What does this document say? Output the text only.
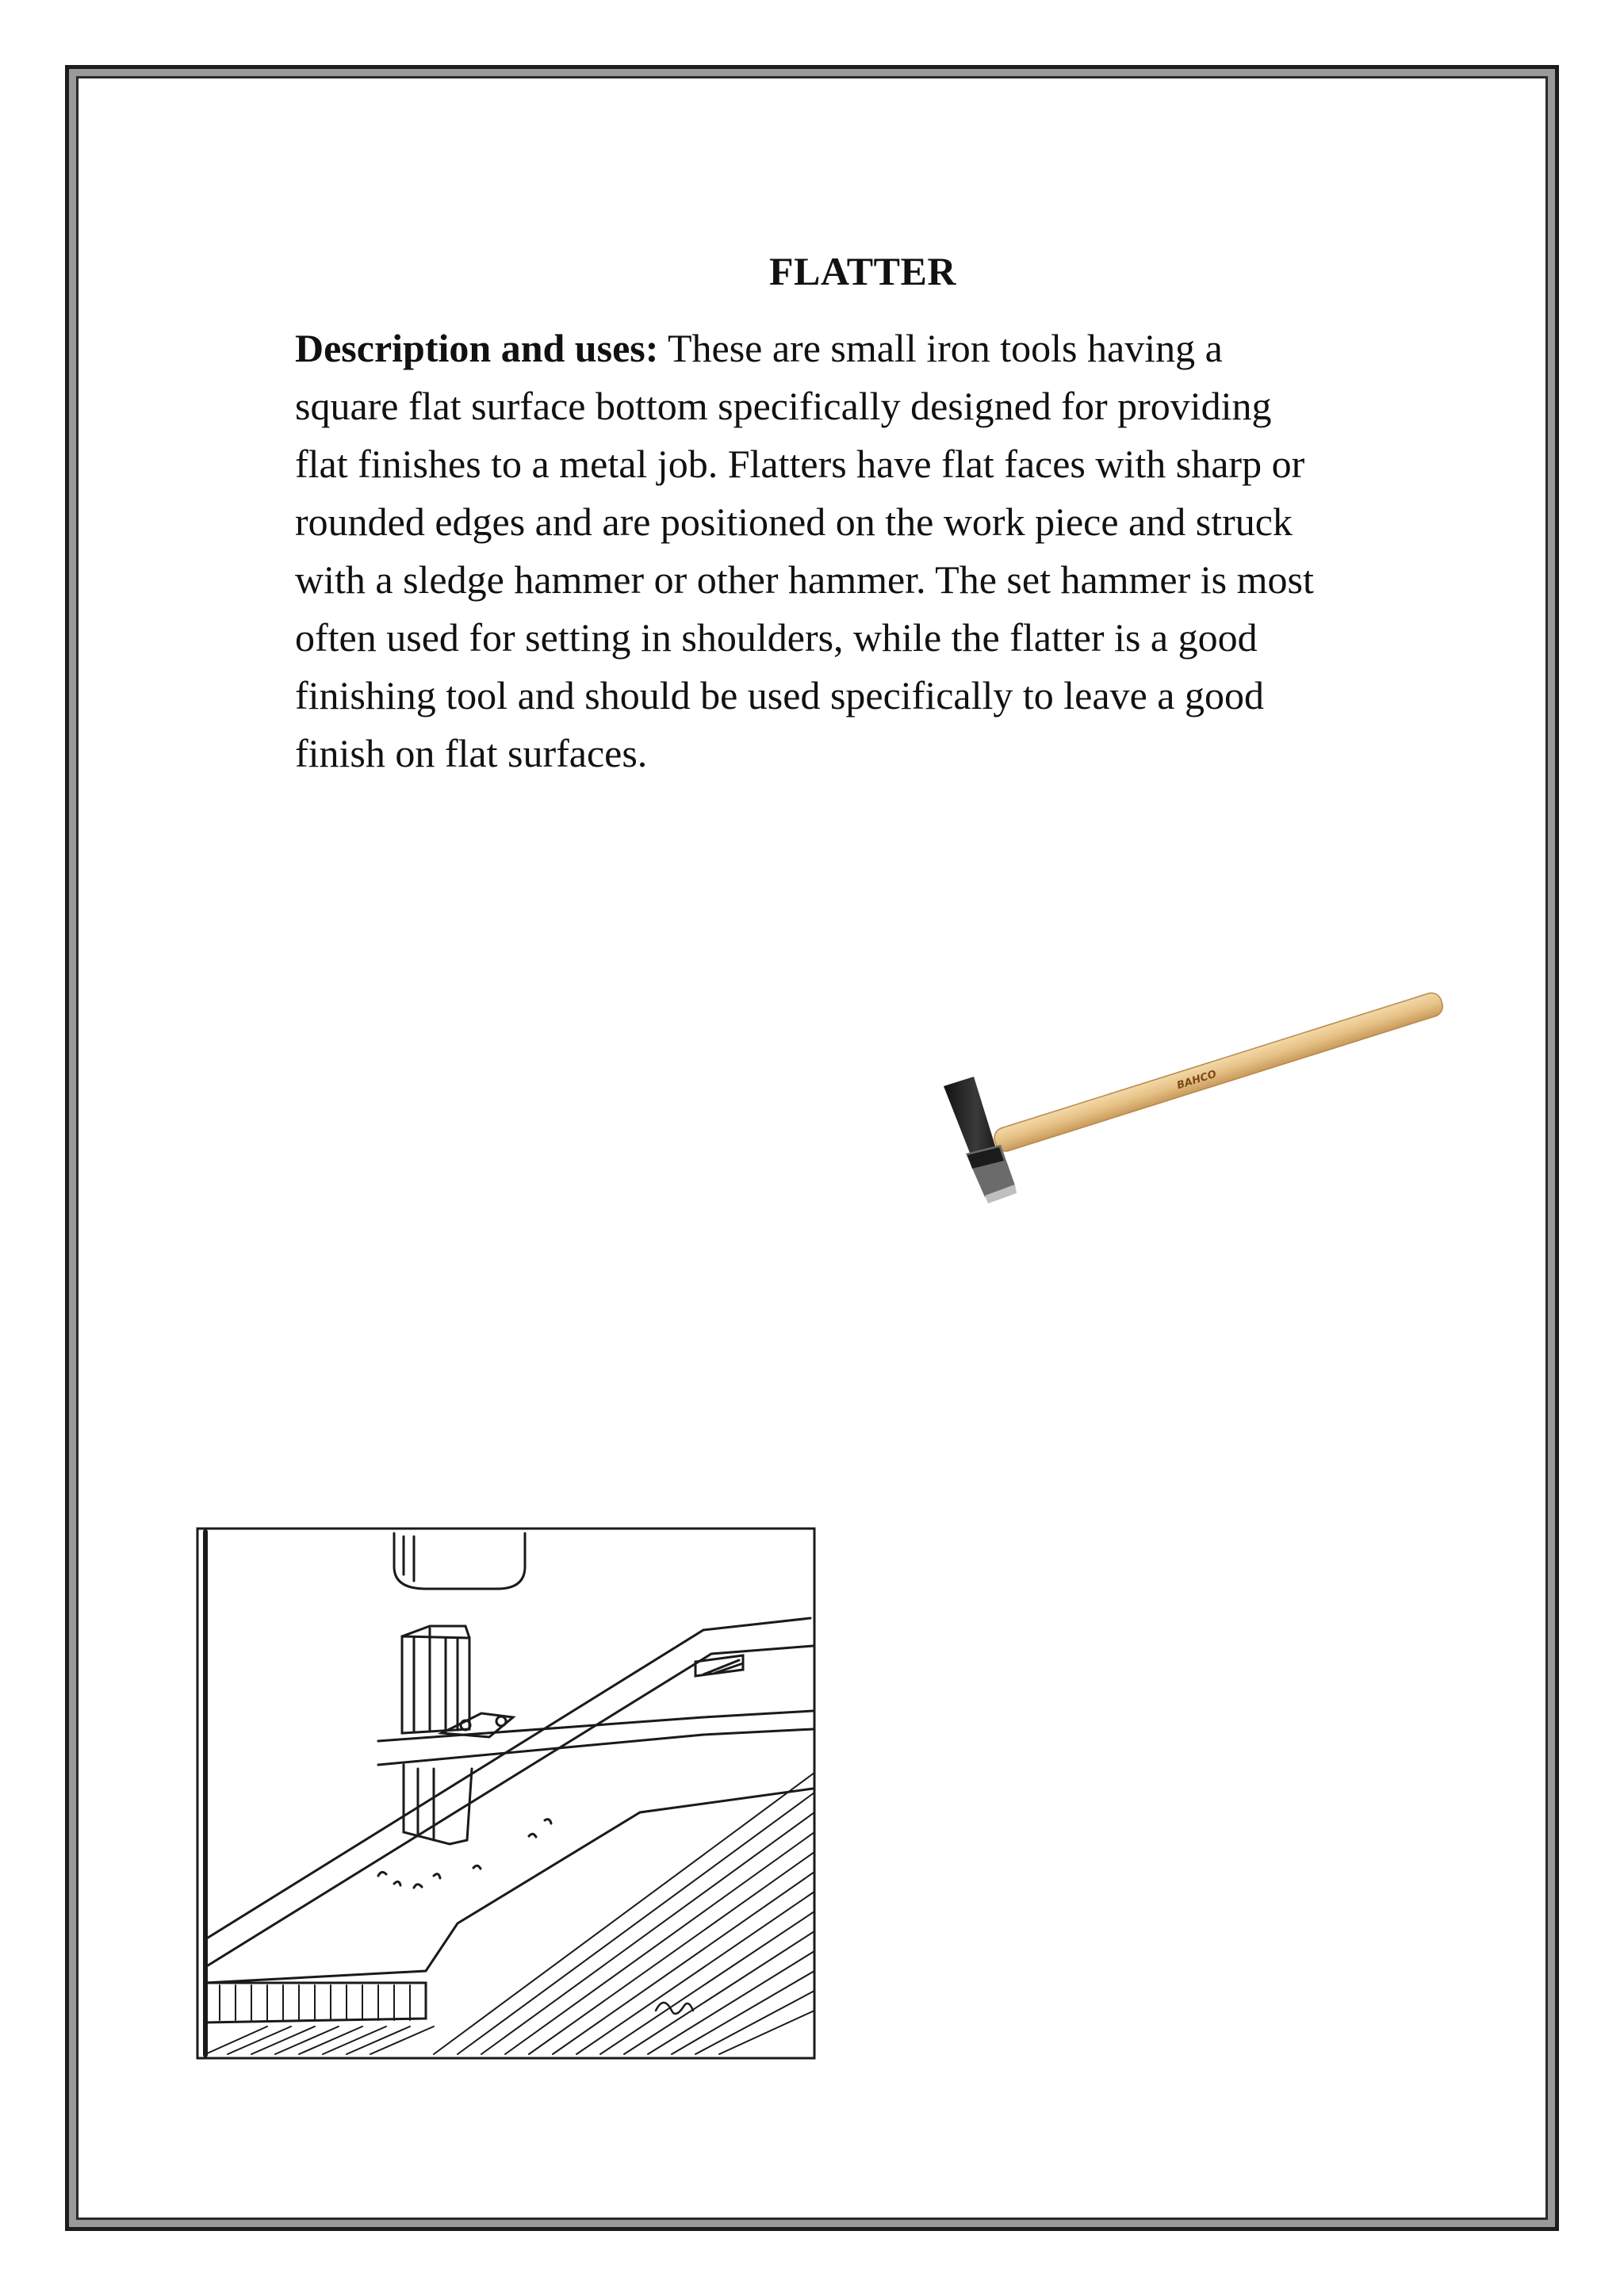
FLATTER

Description and uses: These are small iron tools having a
square flat surface bottom specifically designed for providing
flat finishes to a metal job. Flatters have flat faces with sharp or
rounded edges and are positioned on the work piece and struck
with a sledge hammer or other hammer. The set hammer is most
often used for setting in shoulders, while the flatter is a good
finishing tool and should be used specifically to leave a good
finish on flat surfaces.

BAHCO
